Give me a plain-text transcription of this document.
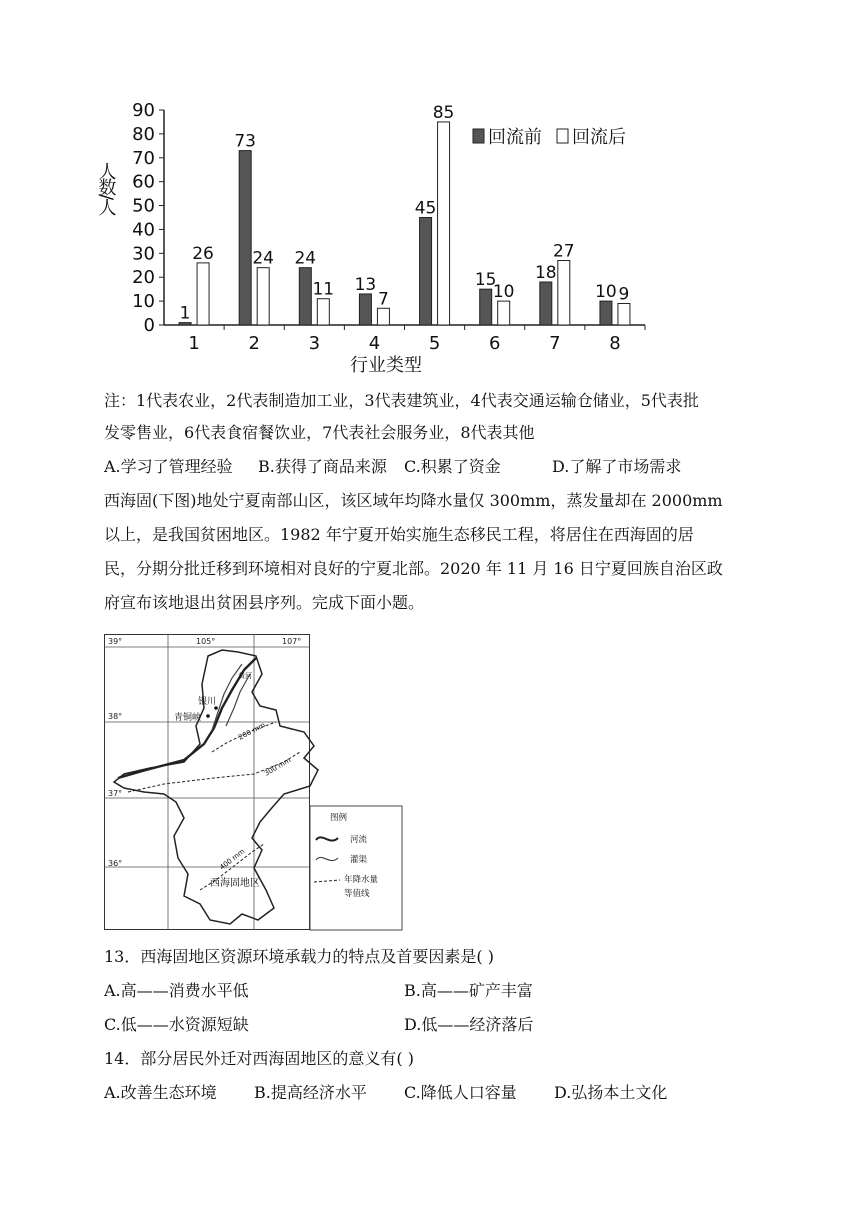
0
10
20
30
40
50
60
70
80
90
1
26
73
24 24
11 13
7
45
85
15
10
18
27
10 9
1	2	3	4	5	6	7	8
人数/人
行业类型
回流前 回流后
注：1代表农业，2代表制造加工业，3代表建筑业，4代表交通运输仓储业，5代表批
发零售业，6代表食宿餐饮业，7代表社会服务业，8代表其他
A.学习了管理经验 B.获得了商品来源 C.积累了资金	D.了解了市场需求
西海固(下图)地处宁夏南部山区，该区域年均降水量仅 300mm，蒸发量却在 2000mm
以上，是我国贫困地区。1982 年宁夏开始实施生态移民工程，将居住在西海固的居
民，分期分批迁移到环境相对良好的宁夏北部。2020 年 11 月 16 日宁夏回族自治区政
府宣布该地退出贫困县序列。完成下面小题。
105°	107°
39°
38°
37°
36°
银川
青铜峡
黄河
200 mm
300 mm
400 mm
西海固地区
图例
河流
灌渠
年降水量
等值线
13．西海固地区资源环境承载力的特点及首要因素是( )
A.高——消费水平低	B.高——矿产丰富
C.低——水资源短缺	D.低——经济落后
14．部分居民外迁对西海固地区的意义有( )
A.改善生态环境 B.提高经济水平 C.降低人口容量 D.弘扬本土文化
